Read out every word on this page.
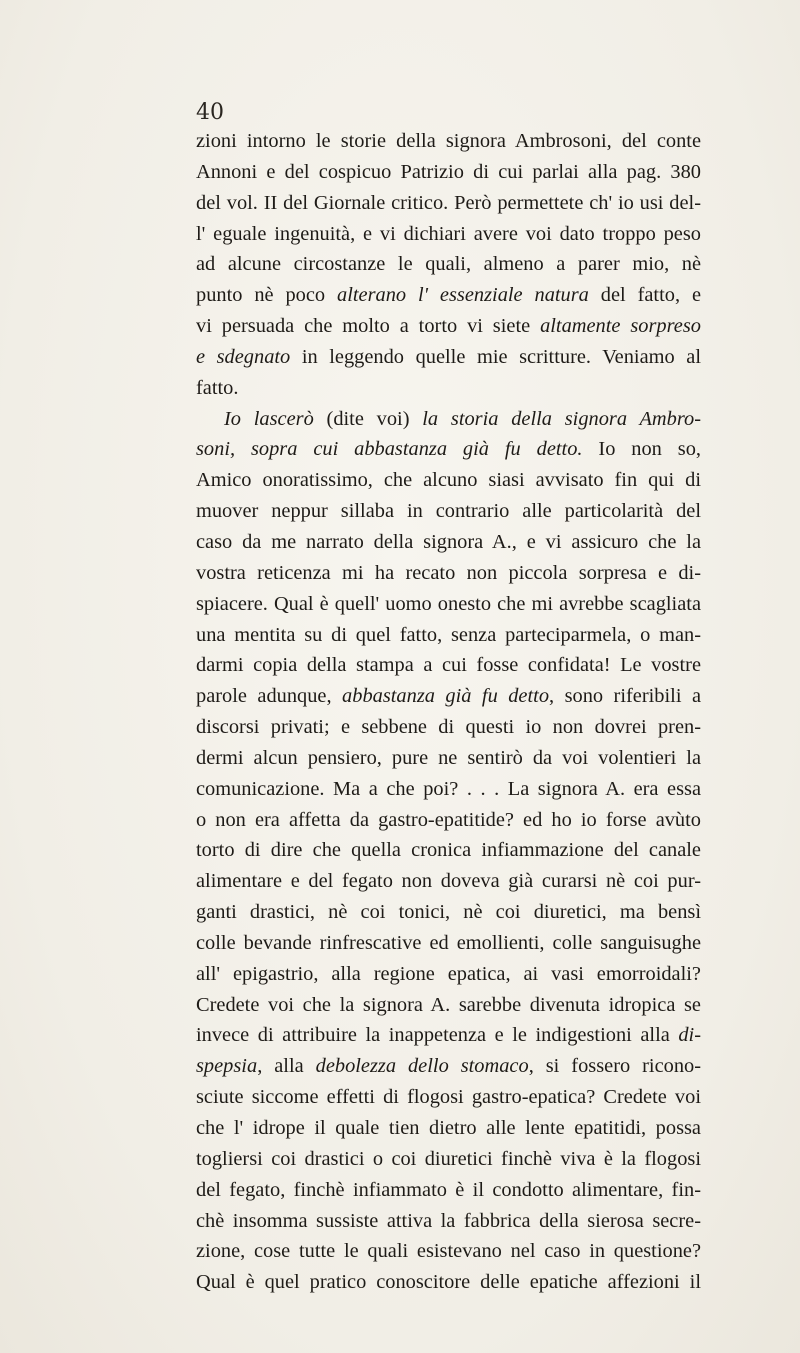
40
zioni intorno le storie della signora Ambrosoni, del conte
Annoni e del cospicuo Patrizio di cui parlai alla pag. 380
del vol. II del Giornale critico. Però permettete ch' io usi del-
l' eguale ingenuità, e vi dichiari avere voi dato troppo peso
ad alcune circostanze le quali, almeno a parer mio, nè
punto nè poco alterano l' essenziale natura del fatto, e
vi persuada che molto a torto vi siete altamente sorpreso
e sdegnato in leggendo quelle mie scritture. Veniamo al
fatto.
Io lascerò (dite voi) la storia della signora Ambro-
soni, sopra cui abbastanza già fu detto. Io non so,
Amico onoratissimo, che alcuno siasi avvisato fin qui di
muover neppur sillaba in contrario alle particolarità del
caso da me narrato della signora A., e vi assicuro che la
vostra reticenza mi ha recato non piccola sorpresa e di-
spiacere. Qual è quell' uomo onesto che mi avrebbe scagliata
una mentita su di quel fatto, senza parteciparmela, o man-
darmi copia della stampa a cui fosse confidata! Le vostre
parole adunque, abbastanza già fu detto, sono riferibili a
discorsi privati; e sebbene di questi io non dovrei pren-
dermi alcun pensiero, pure ne sentirò da voi volentieri la
comunicazione. Ma a che poi? . . . La signora A. era essa
o non era affetta da gastro-epatitide? ed ho io forse avùto
torto di dire che quella cronica infiammazione del canale
alimentare e del fegato non doveva già curarsi nè coi pur-
ganti drastici, nè coi tonici, nè coi diuretici, ma bensì
colle bevande rinfrescative ed emollienti, colle sanguisughe
all' epigastrio, alla regione epatica, ai vasi emorroidali?
Credete voi che la signora A. sarebbe divenuta idropica se
invece di attribuire la inappetenza e le indigestioni alla di-
spepsia, alla debolezza dello stomaco, si fossero ricono-
sciute siccome effetti di flogosi gastro-epatica? Credete voi
che l' idrope il quale tien dietro alle lente epatitidi, possa
togliersi coi drastici o coi diuretici finchè viva è la flogosi
del fegato, finchè infiammato è il condotto alimentare, fin-
chè insomma sussiste attiva la fabbrica della sierosa secre-
zione, cose tutte le quali esistevano nel caso in questione?
Qual è quel pratico conoscitore delle epatiche affezioni il
